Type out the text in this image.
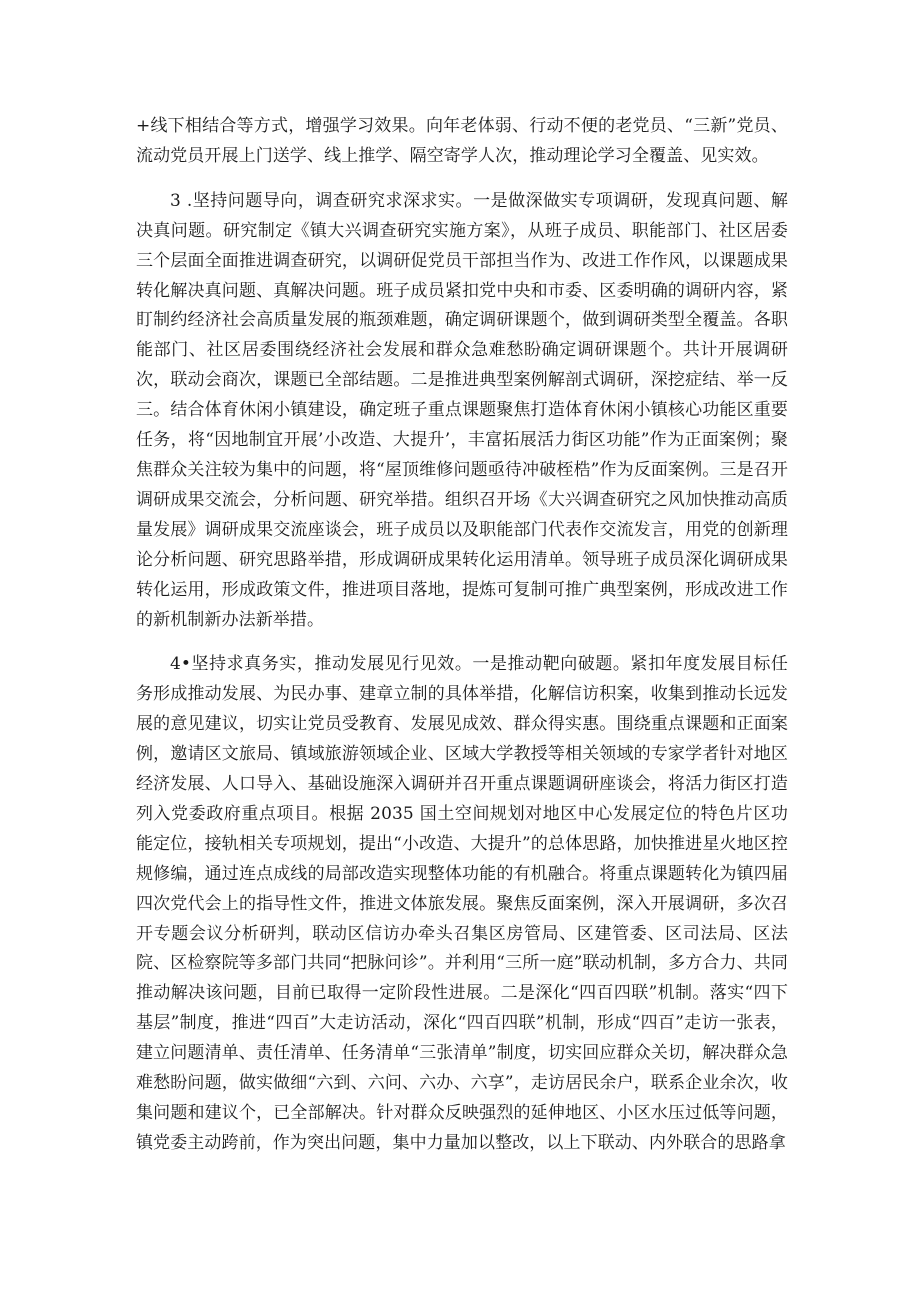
+线下相结合等方式，增强学习效果。向年老体弱、行动不便的老党员、“三新”党员、流动党员开展上门送学、线上推学、隔空寄学人次，推动理论学习全覆盖、见实效。

3 .坚持问题导向，调查研究求深求实。一是做深做实专项调研，发现真问题、解决真问题。研究制定《镇大兴调查研究实施方案》，从班子成员、职能部门、社区居委三个层面全面推进调查研究，以调研促党员干部担当作为、改进工作作风，以课题成果转化解决真问题、真解决问题。班子成员紧扣党中央和市委、区委明确的调研内容，紧盯制约经济社会高质量发展的瓶颈难题，确定调研课题个，做到调研类型全覆盖。各职能部门、社区居委围绕经济社会发展和群众急难愁盼确定调研课题个。共计开展调研次，联动会商次，课题已全部结题。二是推进典型案例解剖式调研，深挖症结、举一反三。结合体育休闲小镇建设，确定班子重点课题聚焦打造体育休闲小镇核心功能区重要任务，将“因地制宜开展’小改造、大提升’，丰富拓展活力街区功能”作为正面案例；聚焦群众关注较为集中的问题，将“屋顶维修问题亟待冲破桎梏”作为反面案例。三是召开调研成果交流会，分析问题、研究举措。组织召开场《大兴调查研究之风加快推动高质量发展》调研成果交流座谈会，班子成员以及职能部门代表作交流发言，用党的创新理论分析问题、研究思路举措，形成调研成果转化运用清单。领导班子成员深化调研成果转化运用，形成政策文件，推进项目落地，提炼可复制可推广典型案例，形成改进工作的新机制新办法新举措。

4•坚持求真务实，推动发展见行见效。一是推动靶向破题。紧扣年度发展目标任务形成推动发展、为民办事、建章立制的具体举措，化解信访积案，收集到推动长远发展的意见建议，切实让党员受教育、发展见成效、群众得实惠。围绕重点课题和正面案例，邀请区文旅局、镇域旅游领域企业、区域大学教授等相关领域的专家学者针对地区经济发展、人口导入、基础设施深入调研并召开重点课题调研座谈会，将活力街区打造列入党委政府重点项目。根据 2035 国土空间规划对地区中心发展定位的特色片区功能定位，接轨相关专项规划，提出“小改造、大提升”的总体思路，加快推进星火地区控规修编，通过连点成线的局部改造实现整体功能的有机融合。将重点课题转化为镇四届四次党代会上的指导性文件，推进文体旅发展。聚焦反面案例，深入开展调研，多次召开专题会议分析研判，联动区信访办牵头召集区房管局、区建管委、区司法局、区法院、区检察院等多部门共同“把脉问诊”。并利用“三所一庭”联动机制，多方合力、共同推动解决该问题，目前已取得一定阶段性进展。二是深化“四百四联”机制。落实“四下基层”制度，推进“四百”大走访活动，深化“四百四联”机制，形成“四百”走访一张表，建立问题清单、责任清单、任务清单“三张清单”制度，切实回应群众关切，解决群众急难愁盼问题，做实做细“六到、六问、六办、六享”，走访居民余户，联系企业余次，收集问题和建议个，已全部解决。针对群众反映强烈的延伸地区、小区水压过低等问题，镇党委主动跨前，作为突出问题，集中力量加以整改，以上下联动、内外联合的思路拿
